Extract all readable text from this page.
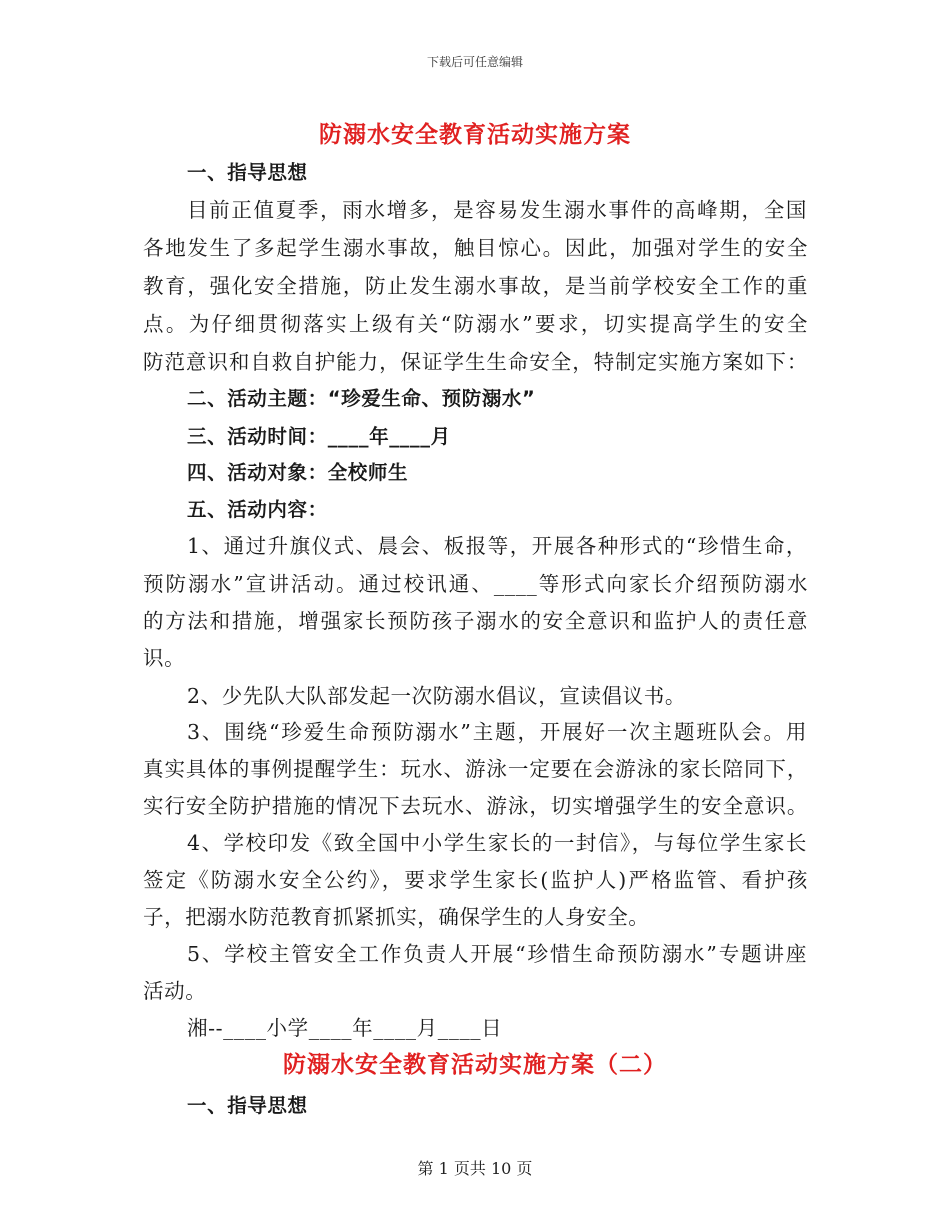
下载后可任意编辑
防溺水安全教育活动实施方案
一、指导思想
目前正值夏季，雨水增多，是容易发生溺水事件的高峰期，全国
各地发生了多起学生溺水事故，触目惊心。因此，加强对学生的安全
教育，强化安全措施，防止发生溺水事故，是当前学校安全工作的重
点。为仔细贯彻落实上级有关“防溺水”要求，切实提高学生的安全
防范意识和自救自护能力，保证学生生命安全，特制定实施方案如下：
二、活动主题：“珍爱生命、预防溺水”
三、活动时间：____年____月
四、活动对象：全校师生
五、活动内容：
1、通过升旗仪式、晨会、板报等，开展各种形式的“珍惜生命，
预防溺水”宣讲活动。通过校讯通、____等形式向家长介绍预防溺水
的方法和措施，增强家长预防孩子溺水的安全意识和监护人的责任意
识。
2、少先队大队部发起一次防溺水倡议，宣读倡议书。
3、围绕“珍爱生命预防溺水”主题，开展好一次主题班队会。用
真实具体的事例提醒学生：玩水、游泳一定要在会游泳的家长陪同下，
实行安全防护措施的情况下去玩水、游泳，切实增强学生的安全意识。
4、学校印发《致全国中小学生家长的一封信》，与每位学生家长
签定《防溺水安全公约》，要求学生家长(监护人)严格监管、看护孩
子，把溺水防范教育抓紧抓实，确保学生的人身安全。
5、学校主管安全工作负责人开展“珍惜生命预防溺水”专题讲座
活动。
湘--____小学____年____月____日
防溺水安全教育活动实施方案（二）
一、指导思想
第 1 页共 10 页
